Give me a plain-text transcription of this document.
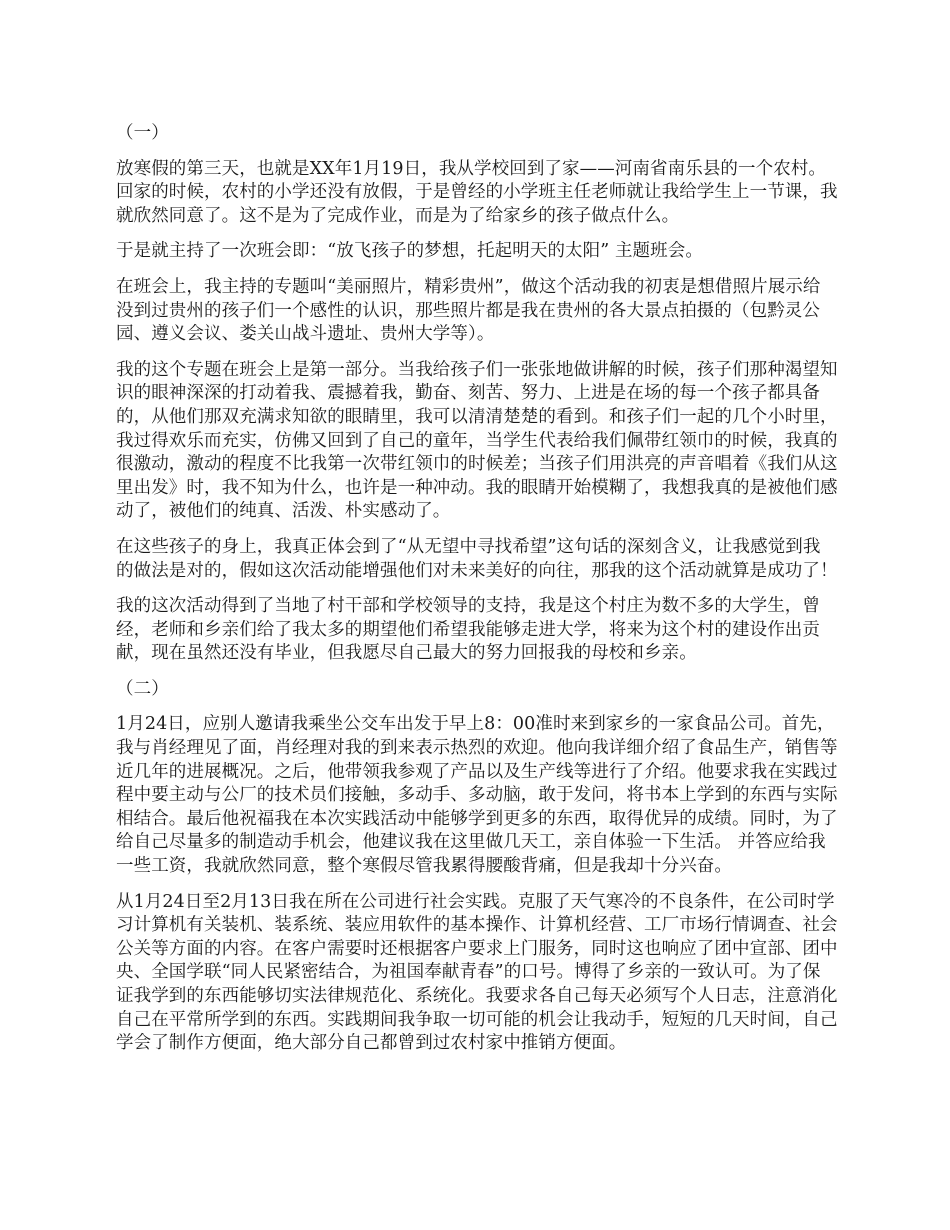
（一）

放寒假的第三天，也就是XX年1月19日，我从学校回到了家——河南省南乐县的一个农村。回家的时候，农村的小学还没有放假，于是曾经的小学班主任老师就让我给学生上一节课，我就欣然同意了。这不是为了完成作业，而是为了给家乡的孩子做点什么。

于是就主持了一次班会即：“放飞孩子的梦想，托起明天的太阳” 主题班会。

在班会上，我主持的专题叫“美丽照片，精彩贵州”，做这个活动我的初衷是想借照片展示给没到过贵州的孩子们一个感性的认识，那些照片都是我在贵州的各大景点拍摄的（包黔灵公园、遵义会议、娄关山战斗遗址、贵州大学等）。

我的这个专题在班会上是第一部分。当我给孩子们一张张地做讲解的时候，孩子们那种渴望知识的眼神深深的打动着我、震撼着我，勤奋、刻苦、努力、上进是在场的每一个孩子都具备的，从他们那双充满求知欲的眼睛里，我可以清清楚楚的看到。和孩子们一起的几个小时里，我过得欢乐而充实，仿佛又回到了自己的童年，当学生代表给我们佩带红领巾的时候，我真的很激动，激动的程度不比我第一次带红领巾的时候差；当孩子们用洪亮的声音唱着《我们从这里出发》时，我不知为什么，也许是一种冲动。我的眼睛开始模糊了，我想我真的是被他们感动了，被他们的纯真、活泼、朴实感动了。

在这些孩子的身上，我真正体会到了“从无望中寻找希望”这句话的深刻含义，让我感觉到我的做法是对的，假如这次活动能增强他们对未来美好的向往，那我的这个活动就算是成功了！

我的这次活动得到了当地了村干部和学校领导的支持，我是这个村庄为数不多的大学生，曾经，老师和乡亲们给了我太多的期望他们希望我能够走进大学，将来为这个村的建设作出贡献，现在虽然还没有毕业，但我愿尽自己最大的努力回报我的母校和乡亲。

（二）

1月24日，应别人邀请我乘坐公交车出发于早上8：00准时来到家乡的一家食品公司。首先，我与肖经理见了面，肖经理对我的到来表示热烈的欢迎。他向我详细介绍了食品生产，销售等近几年的进展概况。之后，他带领我参观了产品以及生产线等进行了介绍。他要求我在实践过程中要主动与公厂的技术员们接触，多动手、多动脑，敢于发问，将书本上学到的东西与实际相结合。最后他祝福我在本次实践活动中能够学到更多的东西，取得优异的成绩。同时，为了给自己尽量多的制造动手机会，他建议我在这里做几天工，亲自体验一下生活。 并答应给我一些工资，我就欣然同意，整个寒假尽管我累得腰酸背痛，但是我却十分兴奋。

从1月24日至2月13日我在所在公司进行社会实践。克服了天气寒冷的不良条件，在公司时学习计算机有关装机、装系统、装应用软件的基本操作、计算机经营、工厂市场行情调查、社会公关等方面的内容。在客户需要时还根据客户要求上门服务，同时这也响应了团中宣部、团中央、全国学联“同人民紧密结合，为祖国奉献青春”的口号。博得了乡亲的一致认可。为了保证我学到的东西能够切实法律规范化、系统化。我要求各自己每天必须写个人日志，注意消化自己在平常所学到的东西。实践期间我争取一切可能的机会让我动手，短短的几天时间，自己学会了制作方便面，绝大部分自己都曾到过农村家中推销方便面。
